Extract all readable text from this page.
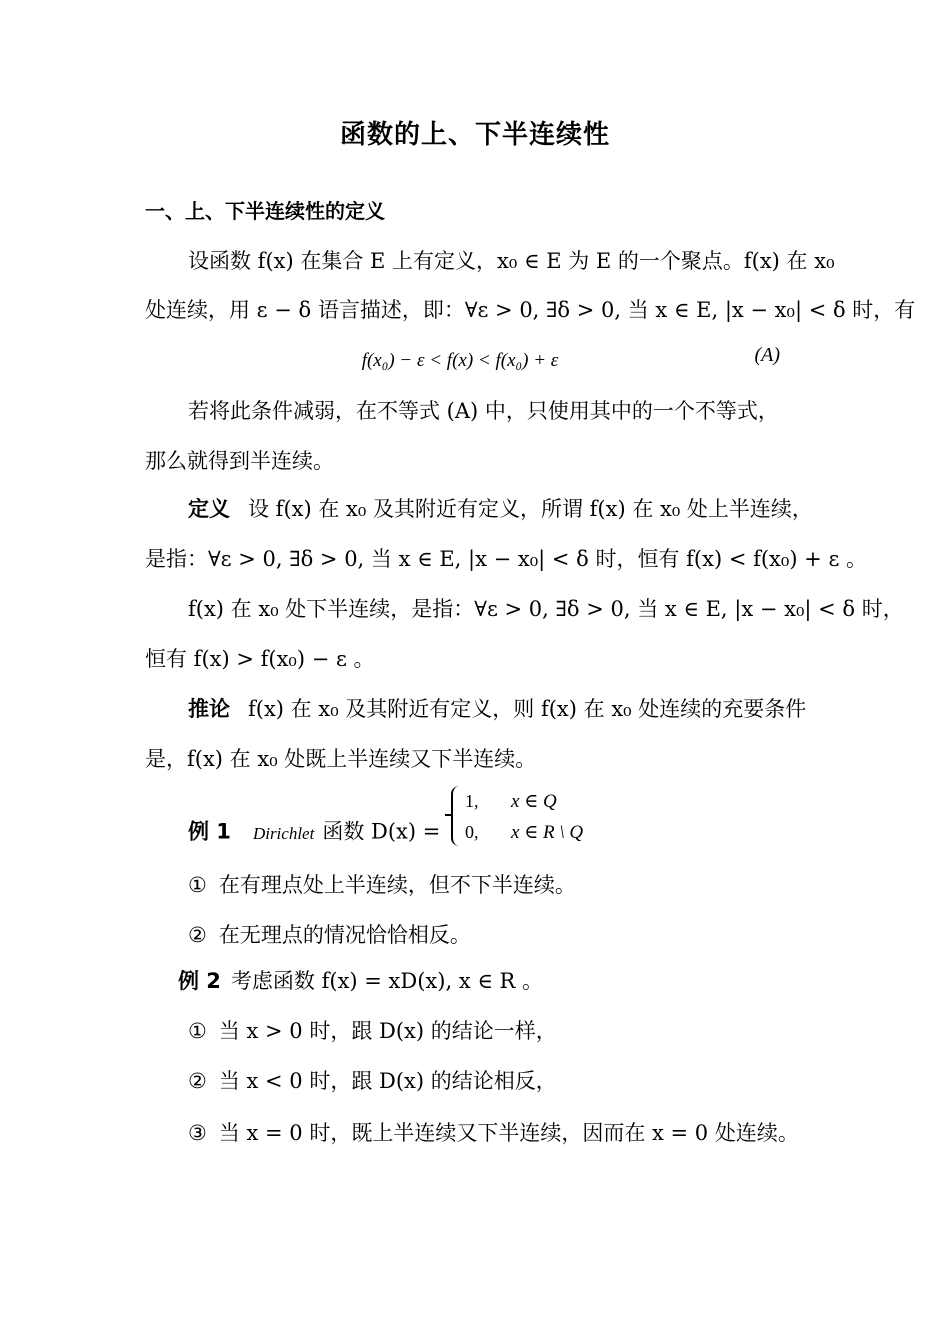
函数的上、下半连续性
一、上、下半连续性的定义
设函数 f(x) 在集合 E 上有定义，x₀ ∈ E 为 E 的一个聚点。f(x) 在 x₀
处连续，用 ε − δ 语言描述，即：∀ε > 0, ∃δ > 0, 当 x ∈ E, |x − x₀| < δ 时，有
f(x₀) − ε < f(x) < f(x₀) + ε	(A)
若将此条件减弱，在不等式 (A) 中，只使用其中的一个不等式，
那么就得到半连续。
定义 设 f(x) 在 x₀ 及其附近有定义，所谓 f(x) 在 x₀ 处上半连续，
是指：∀ε > 0, ∃δ > 0, 当 x ∈ E, |x − x₀| < δ 时，恒有 f(x) < f(x₀) + ε 。
f(x) 在 x₀ 处下半连续，是指：∀ε > 0, ∃δ > 0, 当 x ∈ E, |x − x₀| < δ 时，
恒有 f(x) > f(x₀) − ε 。
推论 f(x) 在 x₀ 及其附近有定义，则 f(x) 在 x₀ 处连续的充要条件
是，f(x) 在 x₀ 处既上半连续又下半连续。
例 1 Dirichlet 函数 D(x) =
1, x ∈ Q
0, x ∈ R \ Q
① 在有理点处上半连续，但不下半连续。
② 在无理点的情况恰恰相反。
例 2 考虑函数 f(x) = xD(x), x ∈ R 。
① 当 x > 0 时，跟 D(x) 的结论一样，
② 当 x < 0 时，跟 D(x) 的结论相反，
③ 当 x = 0 时，既上半连续又下半连续，因而在 x = 0 处连续。
